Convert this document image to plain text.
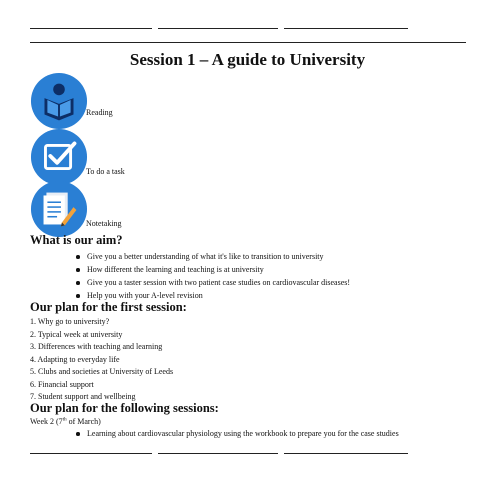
Session 1 – A guide to University
Reading
To do a task
Notetaking
What is our aim?
Give you a better understanding of what it's like to transition to university
How different the learning and teaching is at university
Give you a taster session with two patient case studies on cardiovascular diseases!
Help you with your A-level revision
Our plan for the first session:
1. Why go to university?
2. Typical week at university
3. Differences with teaching and learning
4. Adapting to everyday life
5. Clubs and societies at University of Leeds
6. Financial support
7. Student support and wellbeing
Our plan for the following sessions:
Week 2 (7th of March)
Learning about cardiovascular physiology using the workbook to prepare you for the case studies
